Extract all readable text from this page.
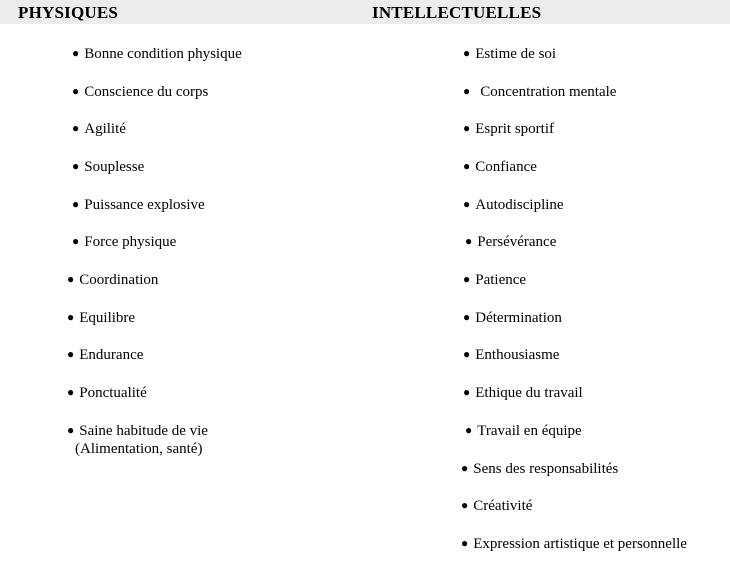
PHYSIQUES	INTELLECTUELLES
● Bonne condition physique
● Conscience du corps
● Agilité
● Souplesse
● Puissance explosive
● Force physique
● Coordination
● Equilibre
● Endurance
● Ponctualité
● Saine habitude de vie
(Alimentation, santé)
● Estime de soi
● Concentration mentale
● Esprit sportif
● Confiance
● Autodiscipline
● Persévérance
● Patience
● Détermination
● Enthousiasme
● Ethique du travail
● Travail en équipe
● Sens des responsabilités
● Créativité
● Expression artistique et personnelle
